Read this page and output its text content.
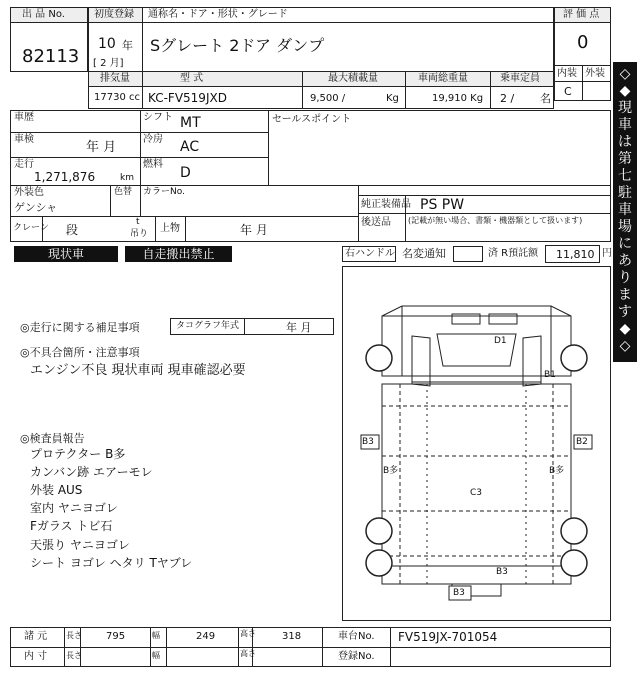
出 品 No.
82113
初度登録
10 年
[ 2 月]
通称名・ドア・形状・グレード
Sグレート 2ドア ダンプ
評 価 点
0
内装 外装
C
排気量	型 式	最大積載量	車両総重量	乗車定員
17730 cc KC-FV519JXD	9,500 /	Kg	19,910 Kg 2 / 名
車歴	シフト MT	セールスポイント
車検
年 月
冷房 AC
走行
1,271,876	km
燃料
D
外装色
ゲンシャ
色替 カラーNo.
純正装備品 PS PW
後送品 (記載が無い場合、書類・機器類として扱います)
クレーン 段
t
吊り 上物	年 月
現状車	自走搬出禁止	右ハンドル 名変通知	済 R預託额 11,810 円
◎走行に関する補足事項	タコグラフ年式	年 月
◎不具合箇所・注意事項
エンジン不良 現状車両 現車確認必要
◎検査員報告
プロテクター B多
カンバン跡 エアーモレ
外装 AUS
室内 ヤニヨゴレ
Fガラス トビ石
天張り ヤニヨゴレ
シート ヨゴレ ヘタリ Tヤブレ
D1
B1
B3	B2
B多	B多
C3
B3
B3
◇
◆
現
車
は
第
七
駐
車
場
に
あ
り
ま
す
◆
◇
諸 元 長さ 795	幅	249	高さ	318	車台No. FV519JX-701054
内 寸 長さ	幅	高さ	登録No.
